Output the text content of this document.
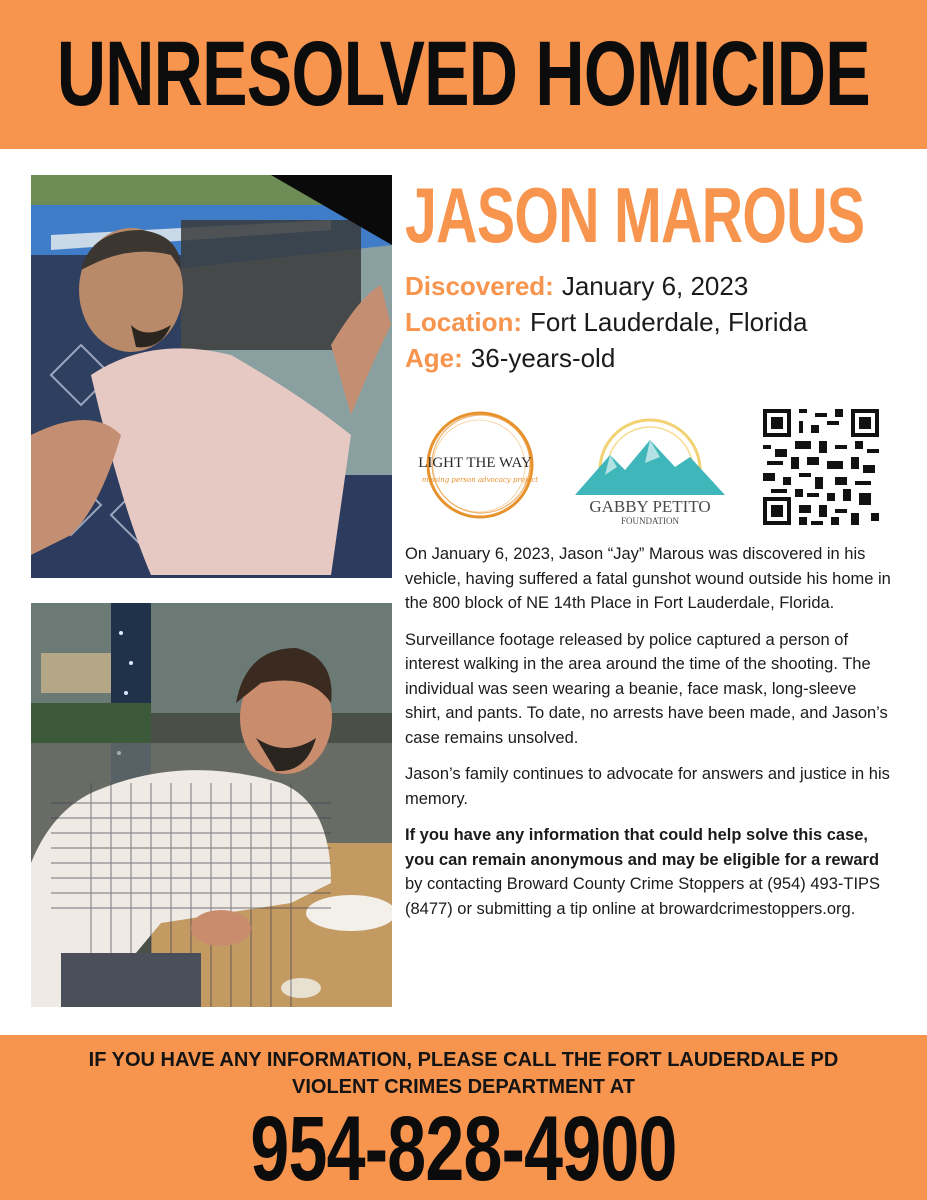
UNRESOLVED HOMICIDE
JASON MAROUS
Discovered: January 6, 2023
Location: Fort Lauderdale, Florida
Age: 36-years-old
LIGHT THE WAY
missing person advocacy project
GABBY PETITO
FOUNDATION

On January 6, 2023, Jason “Jay” Marous was discovered in his vehicle, having suffered a fatal gunshot wound outside his home in the 800 block of NE 14th Place in Fort Lauderdale, Florida.

Surveillance footage released by police captured a person of interest walking in the area around the time of the shooting. The individual was seen wearing a beanie, face mask, long-sleeve shirt, and pants. To date, no arrests have been made, and Jason’s case remains unsolved.

Jason’s family continues to advocate for answers and justice in his memory.

If you have any information that could help solve this case, you can remain anonymous and may be eligible for a reward by contacting Broward County Crime Stoppers at (954) 493-TIPS (8477) or submitting a tip online at browardcrimestoppers.org.

IF YOU HAVE ANY INFORMATION, PLEASE CALL THE FORT LAUDERDALE PD
VIOLENT CRIMES DEPARTMENT AT
954-828-4900
